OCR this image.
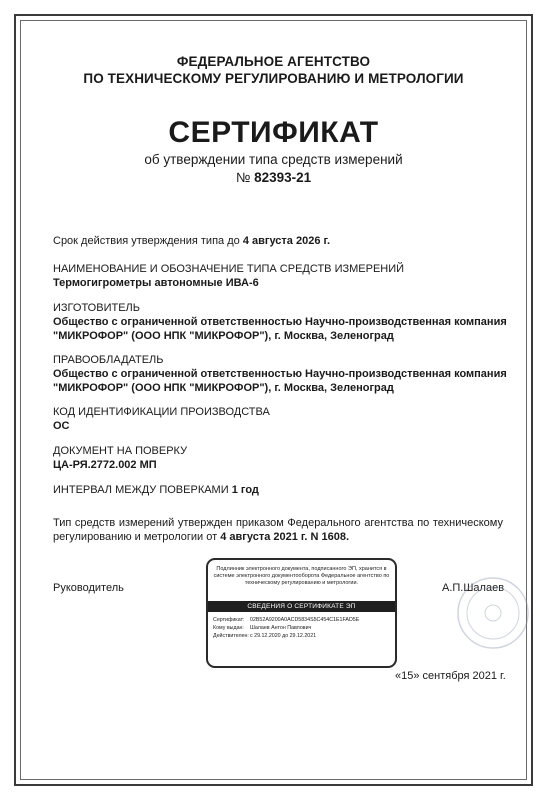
ФЕДЕРАЛЬНОЕ АГЕНТСТВО
ПО ТЕХНИЧЕСКОМУ РЕГУЛИРОВАНИЮ И МЕТРОЛОГИИ
СЕРТИФИКАТ
об утверждении типа средств измерений
№ 82393-21
Срок действия утверждения типа до 4 августа 2026 г.
НАИМЕНОВАНИЕ И ОБОЗНАЧЕНИЕ ТИПА СРЕДСТВ ИЗМЕРЕНИЙ
Термогигрометры автономные ИВА-6
ИЗГОТОВИТЕЛЬ
Общество с ограниченной ответственностью Научно-производственная компания "МИКРОФОР" (ООО НПК "МИКРОФОР"), г. Москва, Зеленоград
ПРАВООБЛАДАТЕЛЬ
Общество с ограниченной ответственностью Научно-производственная компания "МИКРОФОР" (ООО НПК "МИКРОФОР"), г. Москва, Зеленоград
КОД ИДЕНТИФИКАЦИИ ПРОИЗВОДСТВА
ОС
ДОКУМЕНТ НА ПОВЕРКУ
ЦА-РЯ.2772.002 МП
ИНТЕРВАЛ МЕЖДУ ПОВЕРКАМИ 1 год
Тип средств измерений утвержден приказом Федерального агентства по техническому регулированию и метрологии от 4 августа 2021 г. N 1608.
Руководитель	А.П.Шалаев
Подлинник электронного документа, подписанного ЭП, хранится в системе электронного документооборота Федеральное агентство по техническому регулированию и метрологии.
СВЕДЕНИЯ О СЕРТИФИКАТЕ ЭП
Сертификат: 02B52A9200A0ACD5834S5C454C1E1FAD5E
Кому выдан: Шалаев Антон Павлович
Действителен:с 29.12.2020 до 29.12.2021
«15» сентября 2021 г.
